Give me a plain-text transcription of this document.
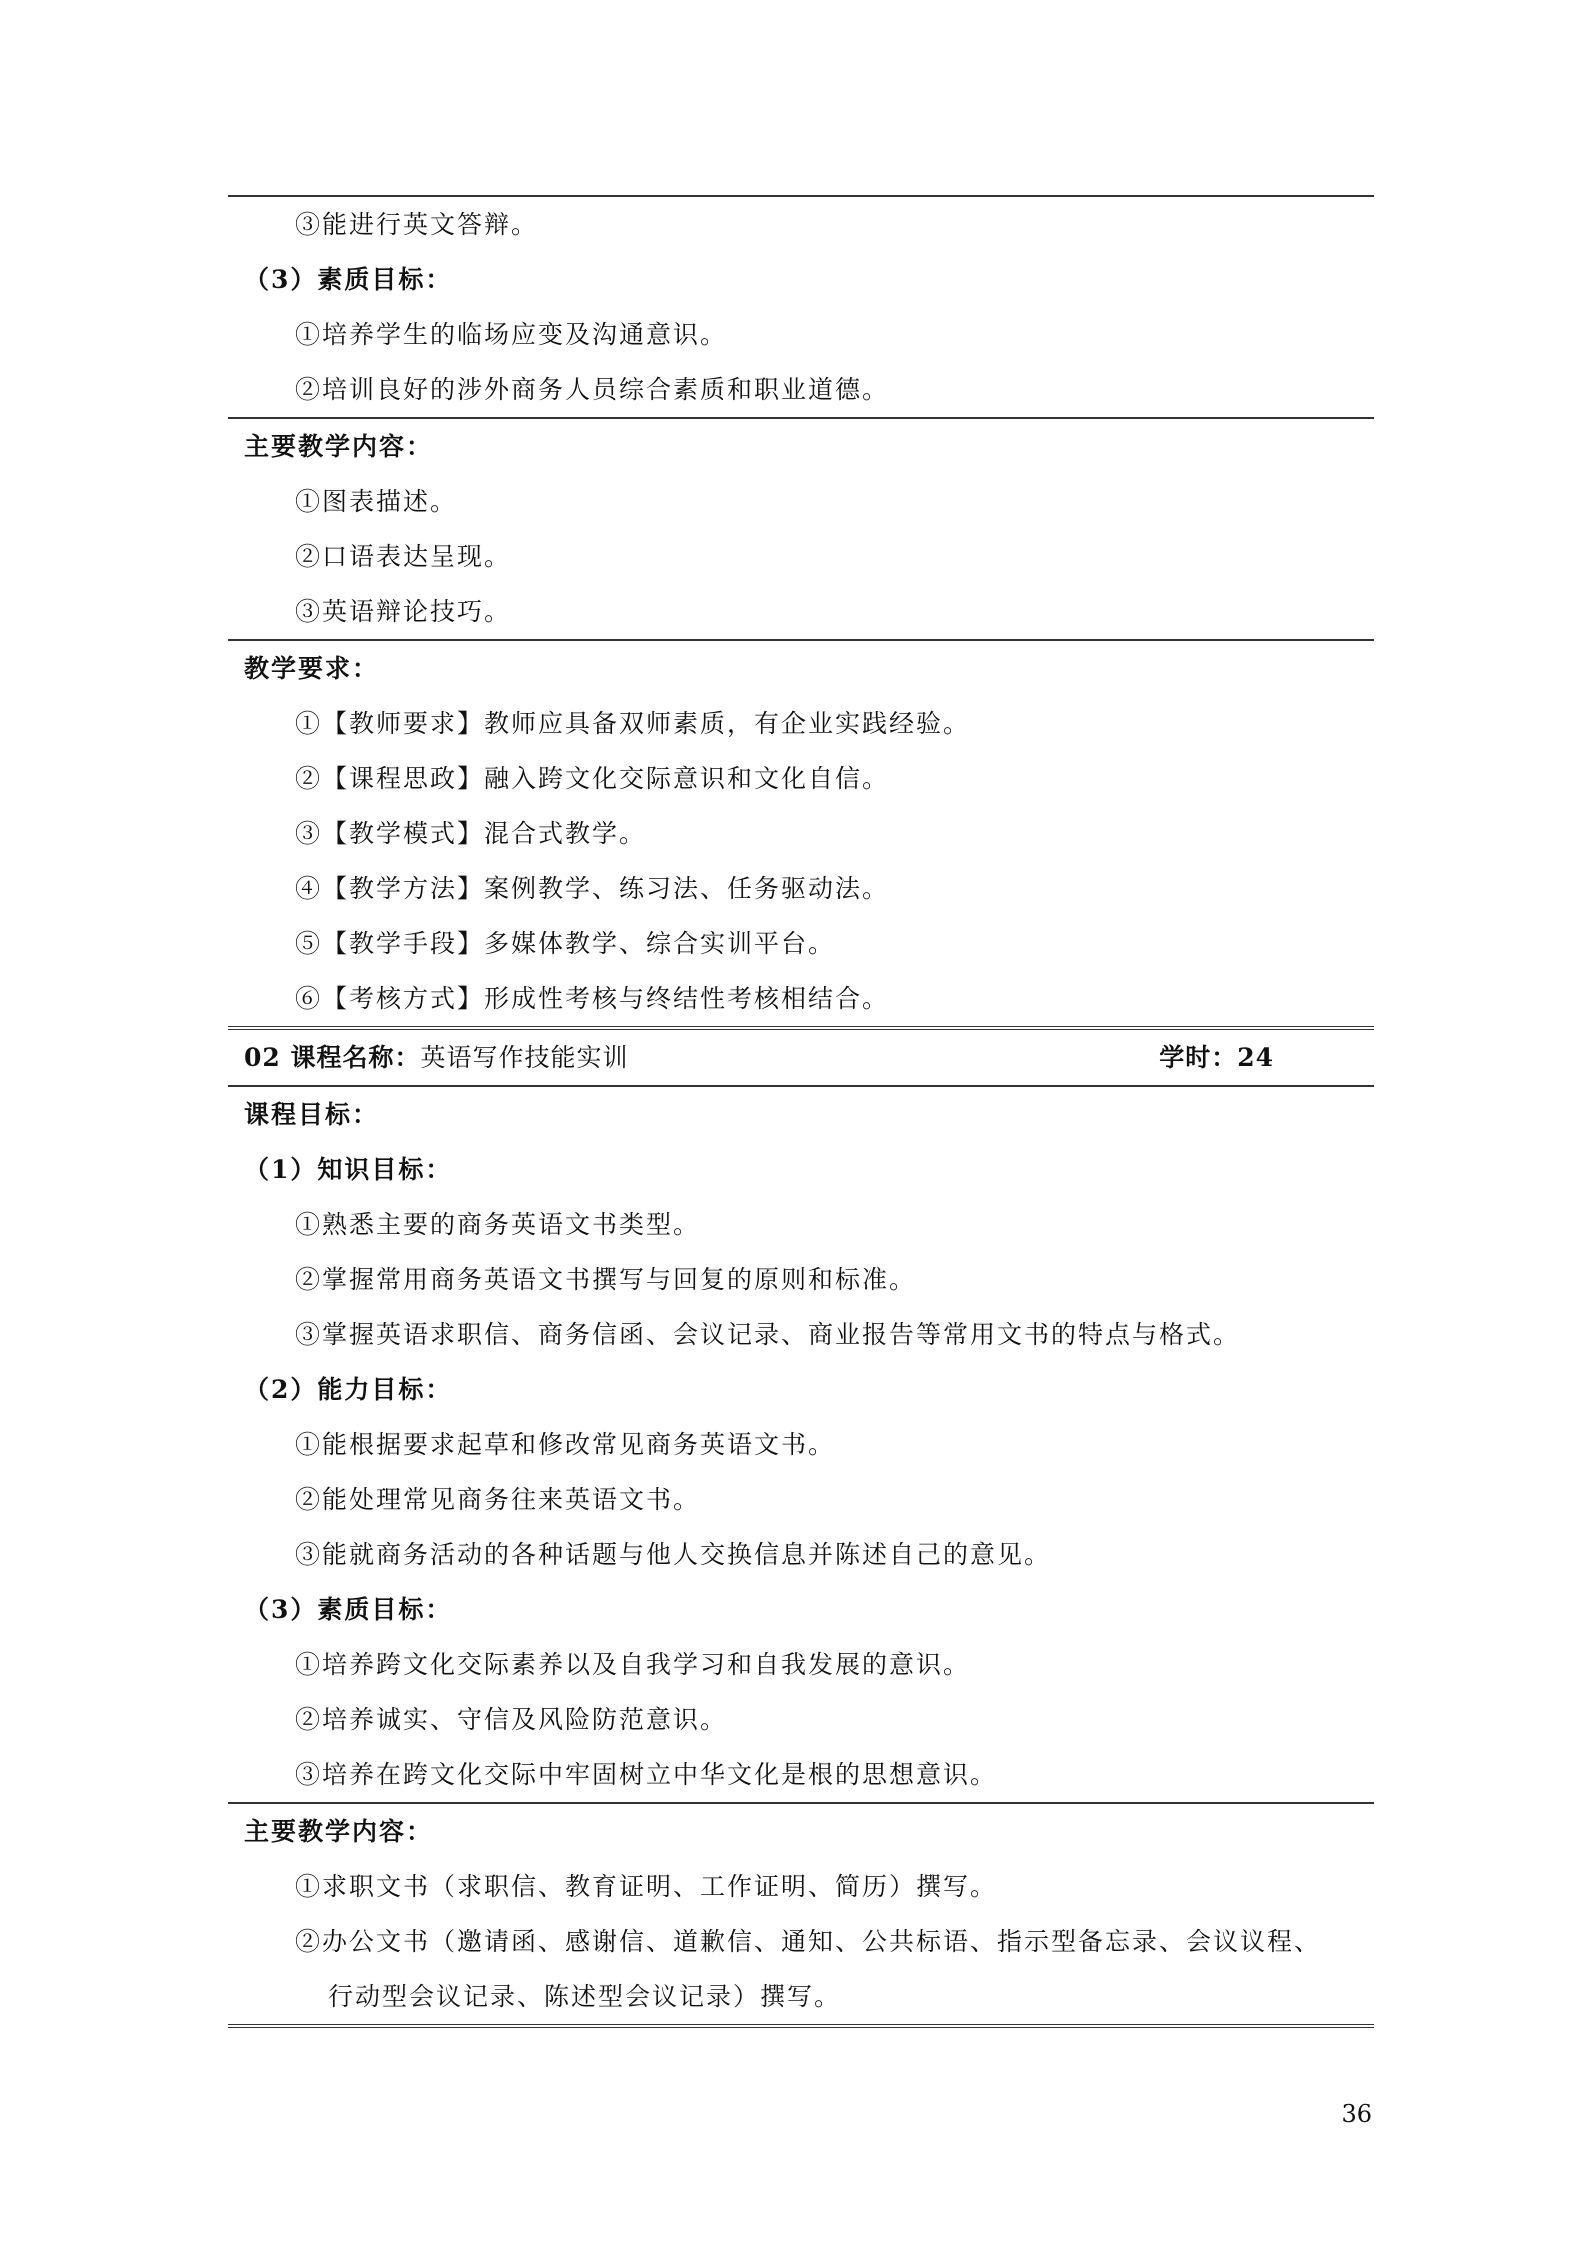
③能进行英文答辩。
（3）素质目标：
①培养学生的临场应变及沟通意识。
②培训良好的涉外商务人员综合素质和职业道德。
主要教学内容：
①图表描述。
②口语表达呈现。
③英语辩论技巧。
教学要求：
①【教师要求】教师应具备双师素质，有企业实践经验。
②【课程思政】融入跨文化交际意识和文化自信。
③【教学模式】混合式教学。
④【教学方法】案例教学、练习法、任务驱动法。
⑤【教学手段】多媒体教学、综合实训平台。
⑥【考核方式】形成性考核与终结性考核相结合。
02 课程名称：英语写作技能实训	学时：24
课程目标：
（1）知识目标：
①熟悉主要的商务英语文书类型。
②掌握常用商务英语文书撰写与回复的原则和标准。
③掌握英语求职信、商务信函、会议记录、商业报告等常用文书的特点与格式。
（2）能力目标：
①能根据要求起草和修改常见商务英语文书。
②能处理常见商务往来英语文书。
③能就商务活动的各种话题与他人交换信息并陈述自己的意见。
（3）素质目标：
①培养跨文化交际素养以及自我学习和自我发展的意识。
②培养诚实、守信及风险防范意识。
③培养在跨文化交际中牢固树立中华文化是根的思想意识。
主要教学内容：
①求职文书（求职信、教育证明、工作证明、简历）撰写。
②办公文书（邀请函、感谢信、道歉信、通知、公共标语、指示型备忘录、会议议程、
行动型会议记录、陈述型会议记录）撰写。
36
